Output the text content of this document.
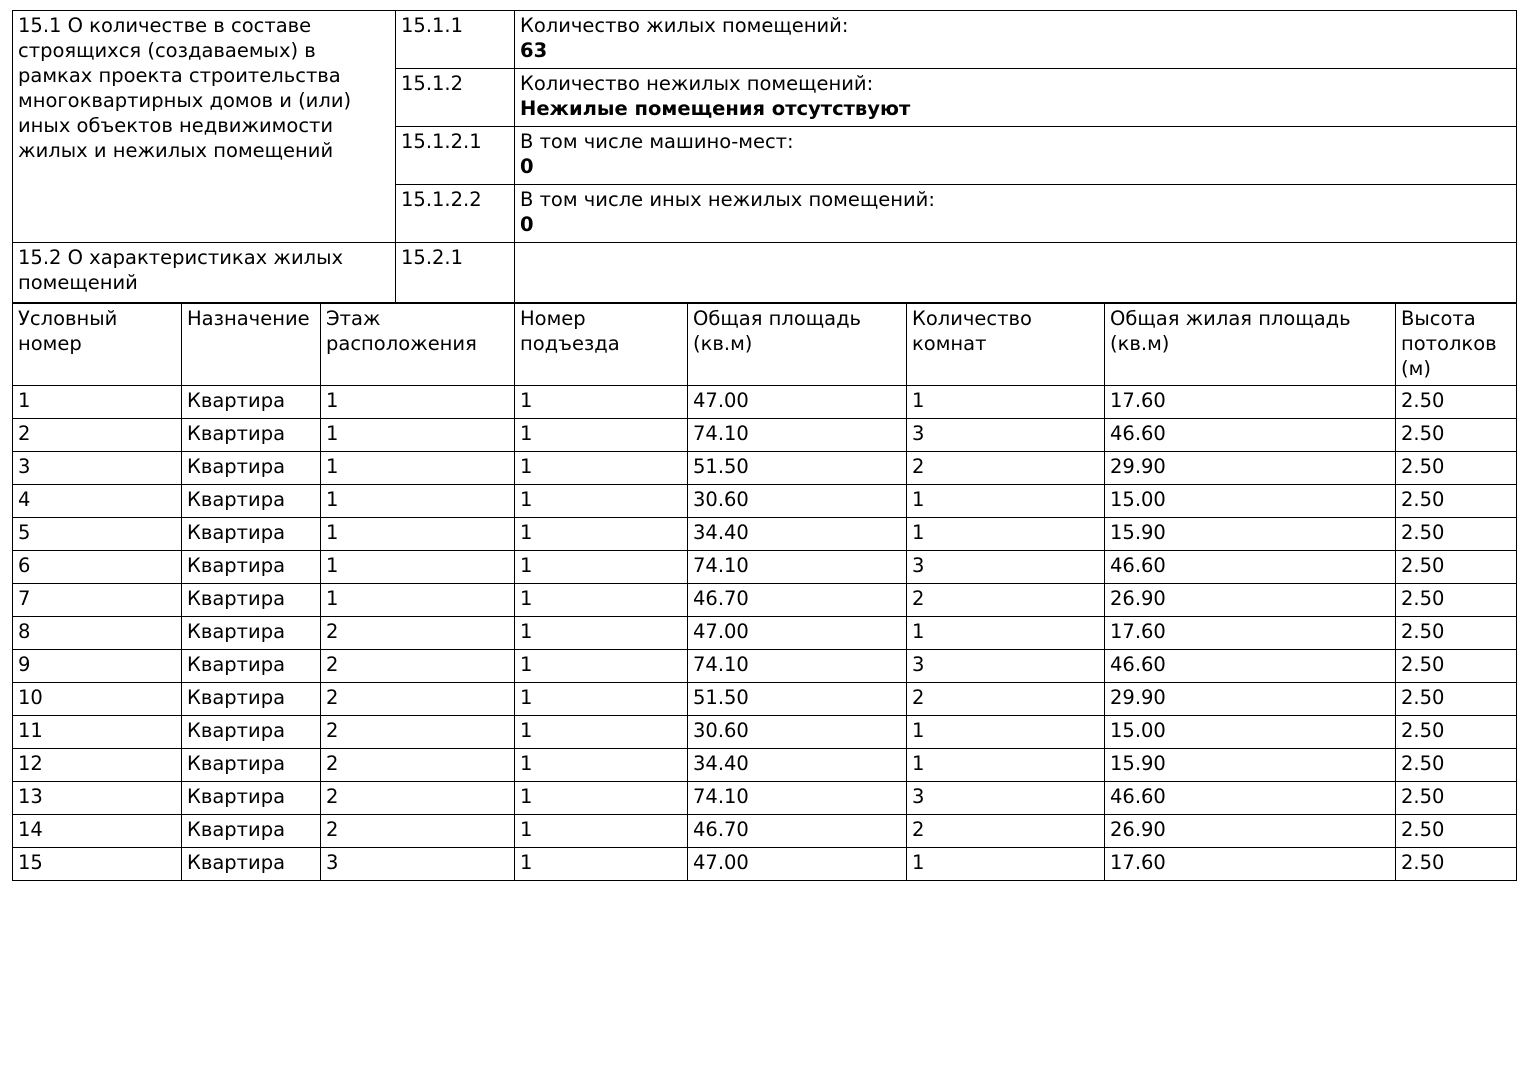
15.1 О количестве в составе строящихся (создаваемых) в рамках проекта строительства многоквартирных домов и (или) иных объектов недвижимости жилых и нежилых помещений	15.1.1	Количество жилых помещений:
63

	15.1.2	Количество нежилых помещений:
Нежилые помещения отсутствуют

	15.1.2.1	В том числе машино-мест:
0

	15.1.2.2	В том числе иных нежилых помещений:
0

15.2 О характеристиках жилых помещений	15.2.1	
Условный номер	Назначение	Этаж расположения	Номер подъезда	Общая площадь (кв.м)	Количество комнат	Общая жилая площадь (кв.м)	Высота потолков (м)
1	Квартира	1	1	47.00	1	17.60	2.50
2	Квартира	1	1	74.10	3	46.60	2.50
3	Квартира	1	1	51.50	2	29.90	2.50
4	Квартира	1	1	30.60	1	15.00	2.50
5	Квартира	1	1	34.40	1	15.90	2.50
6	Квартира	1	1	74.10	3	46.60	2.50
7	Квартира	1	1	46.70	2	26.90	2.50
8	Квартира	2	1	47.00	1	17.60	2.50
9	Квартира	2	1	74.10	3	46.60	2.50
10	Квартира	2	1	51.50	2	29.90	2.50
11	Квартира	2	1	30.60	1	15.00	2.50
12	Квартира	2	1	34.40	1	15.90	2.50
13	Квартира	2	1	74.10	3	46.60	2.50
14	Квартира	2	1	46.70	2	26.90	2.50
15	Квартира	3	1	47.00	1	17.60	2.50
